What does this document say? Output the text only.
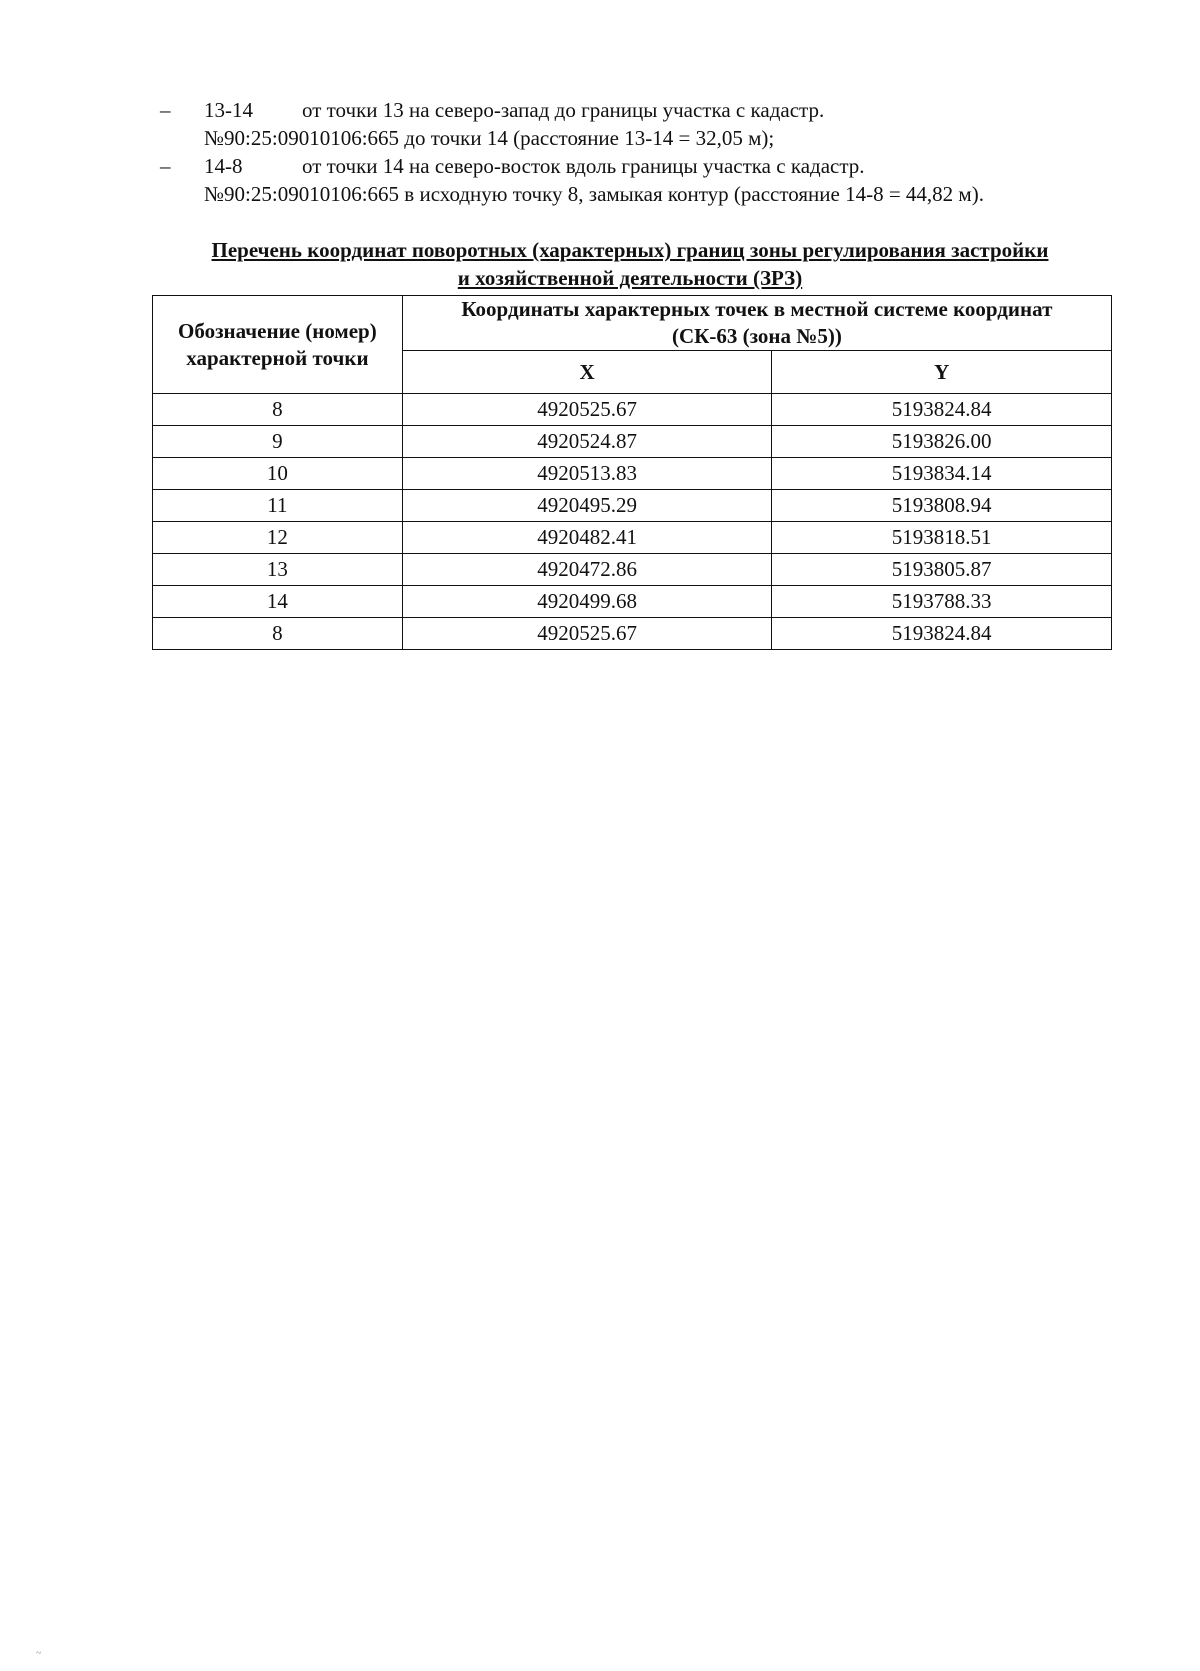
– 13-14 от точки 13 на северо-запад до границы участка с кадастр.
№90:25:09010106:665 до точки 14 (расстояние 13-14 = 32,05 м);
– 14-8	от точки 14 на северо-восток вдоль границы участка с кадастр.
№90:25:09010106:665 в исходную точку 8, замыкая контур (расстояние 14-8 = 44,82 м).
Перечень координат поворотных (характерных) границ зоны регулирования застройки
и хозяйственной деятельности (ЗРЗ)
Обозначение (номер) характерной точки	Координаты характерных точек в местной системе координат
(СК-63 (зона №5))	

	X	Y
8	4920525.67	5193824.84
9	4920524.87	5193826.00
10	4920513.83	5193834.14
11	4920495.29	5193808.94
12	4920482.41	5193818.51
13	4920472.86	5193805.87
14	4920499.68	5193788.33
8	4920525.67	5193824.84
~
